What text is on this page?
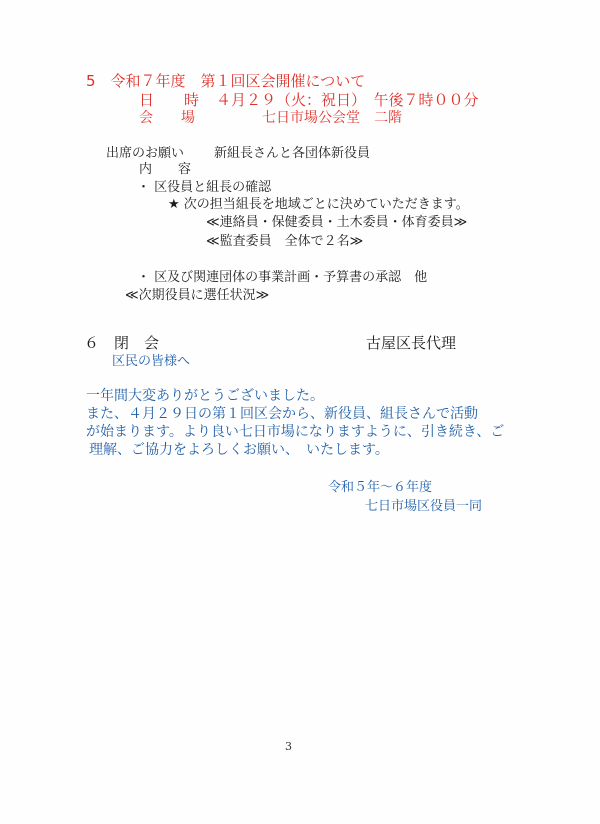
5　令和７年度　第１回区会開催について
日　　時 ４月２９（火：祝日）　午後７時００分
会　　場	七日市場公会堂　二階
出席のお願い 新組長さんと各団体新役員
内　　容
・ 区役員と組長の確認
★ 次の担当組長を地域ごとに決めていただきます。
≪連絡員・保健委員・土木委員・体育委員≫
≪監査委員　全体で２名≫
・ 区及び関連団体の事業計画・予算書の承認　他
≪次期役員に選任状況≫
６　閉　会	古屋区長代理
区民の皆様へ
一年間大変ありがとうございました。
また、４月２９日の第１回区会から、新役員、組長さんで活動
が始まります。より良い七日市場になりますように、引き続き、ご
理解、ご協力をよろしくお願い、　いたします。
令和５年～６年度
七日市場区役員一同
3
